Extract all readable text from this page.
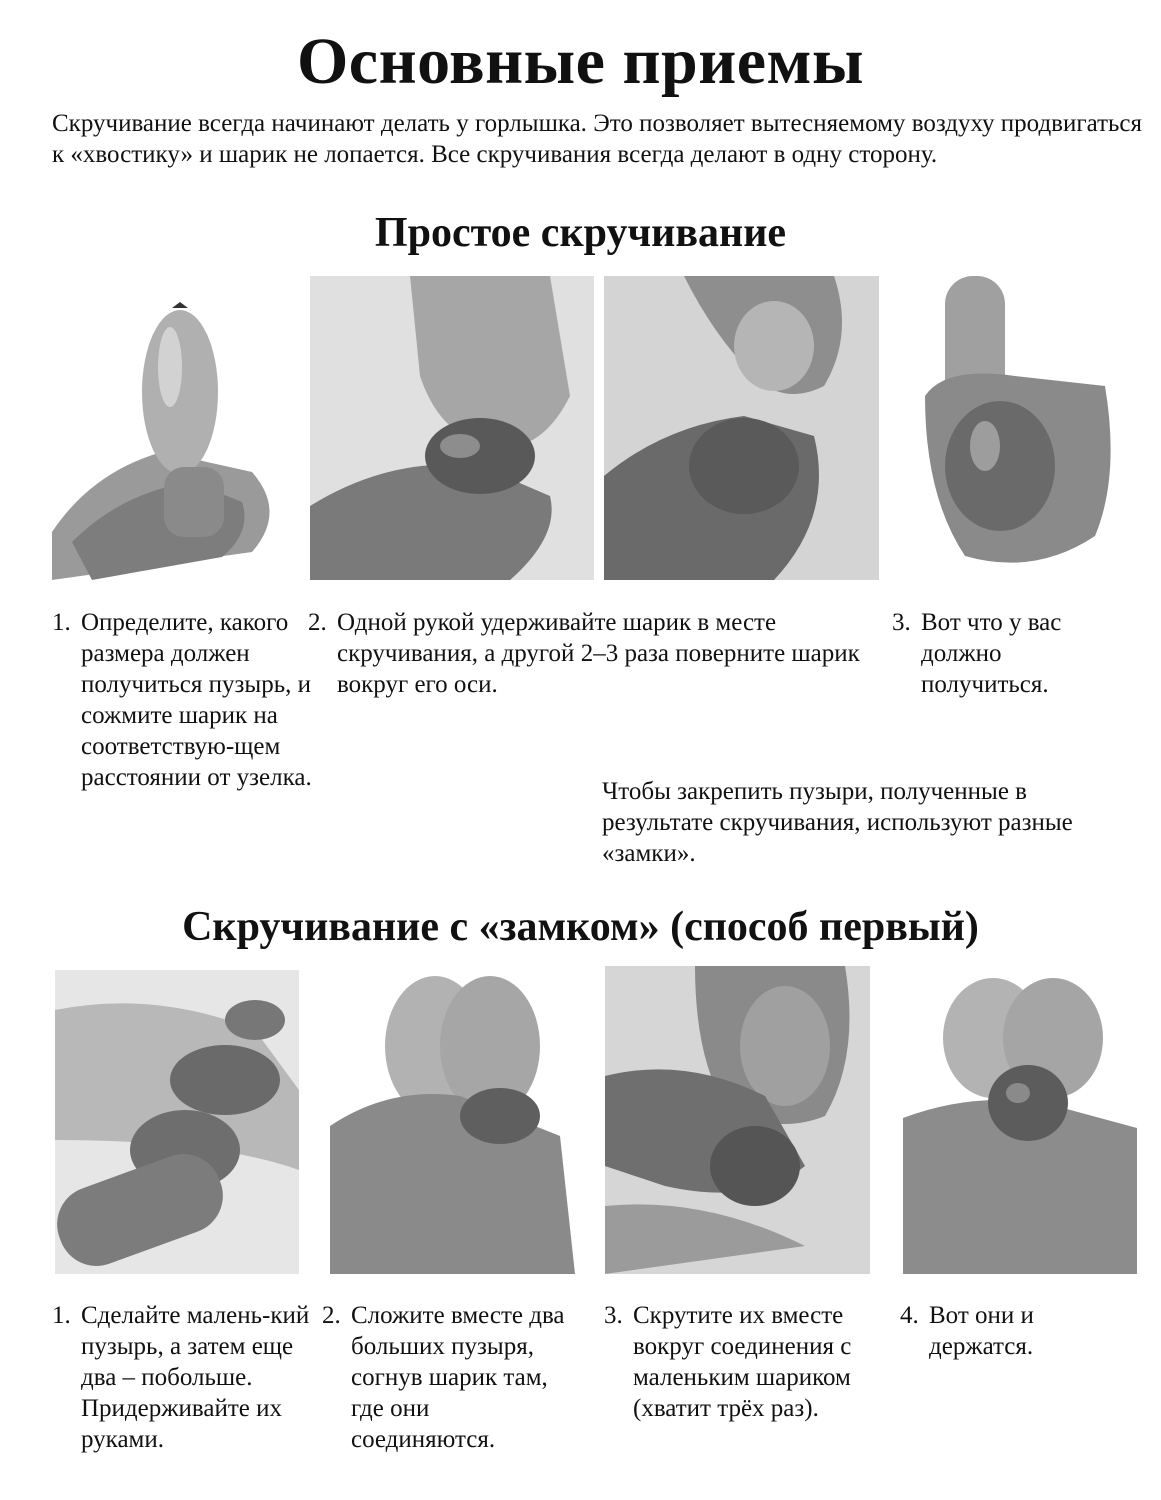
Основные приемы
Скручивание всегда начинают делать у горлышка. Это позволяет вытесняемому воздуху продвигаться к «хвостику» и шарик не лопается. Все скручивания всегда делают в одну сторону.
Простое скручивание
1. Определите, какого размера должен получиться пузырь, и сожмите шарик на соответствую-щем расстоянии от узелка.
2. Одной рукой удерживайте шарик в месте скручивания, а другой 2–3 раза поверните шарик вокруг его оси.
3. Вот что у вас должно получиться.
Чтобы закрепить пузыри, полученные в результате скручивания, используют разные «замки».
Скручивание с «замком» (способ первый)
1. Сделайте малень-кий пузырь, а затем еще два – побольше. Придерживайте их руками.
2. Сложите вместе два больших пузыря, согнув шарик там, где они соединяются.
3. Скрутите их вместе вокруг соединения с маленьким шариком (хватит трёх раз).
4. Вот они и держатся.
